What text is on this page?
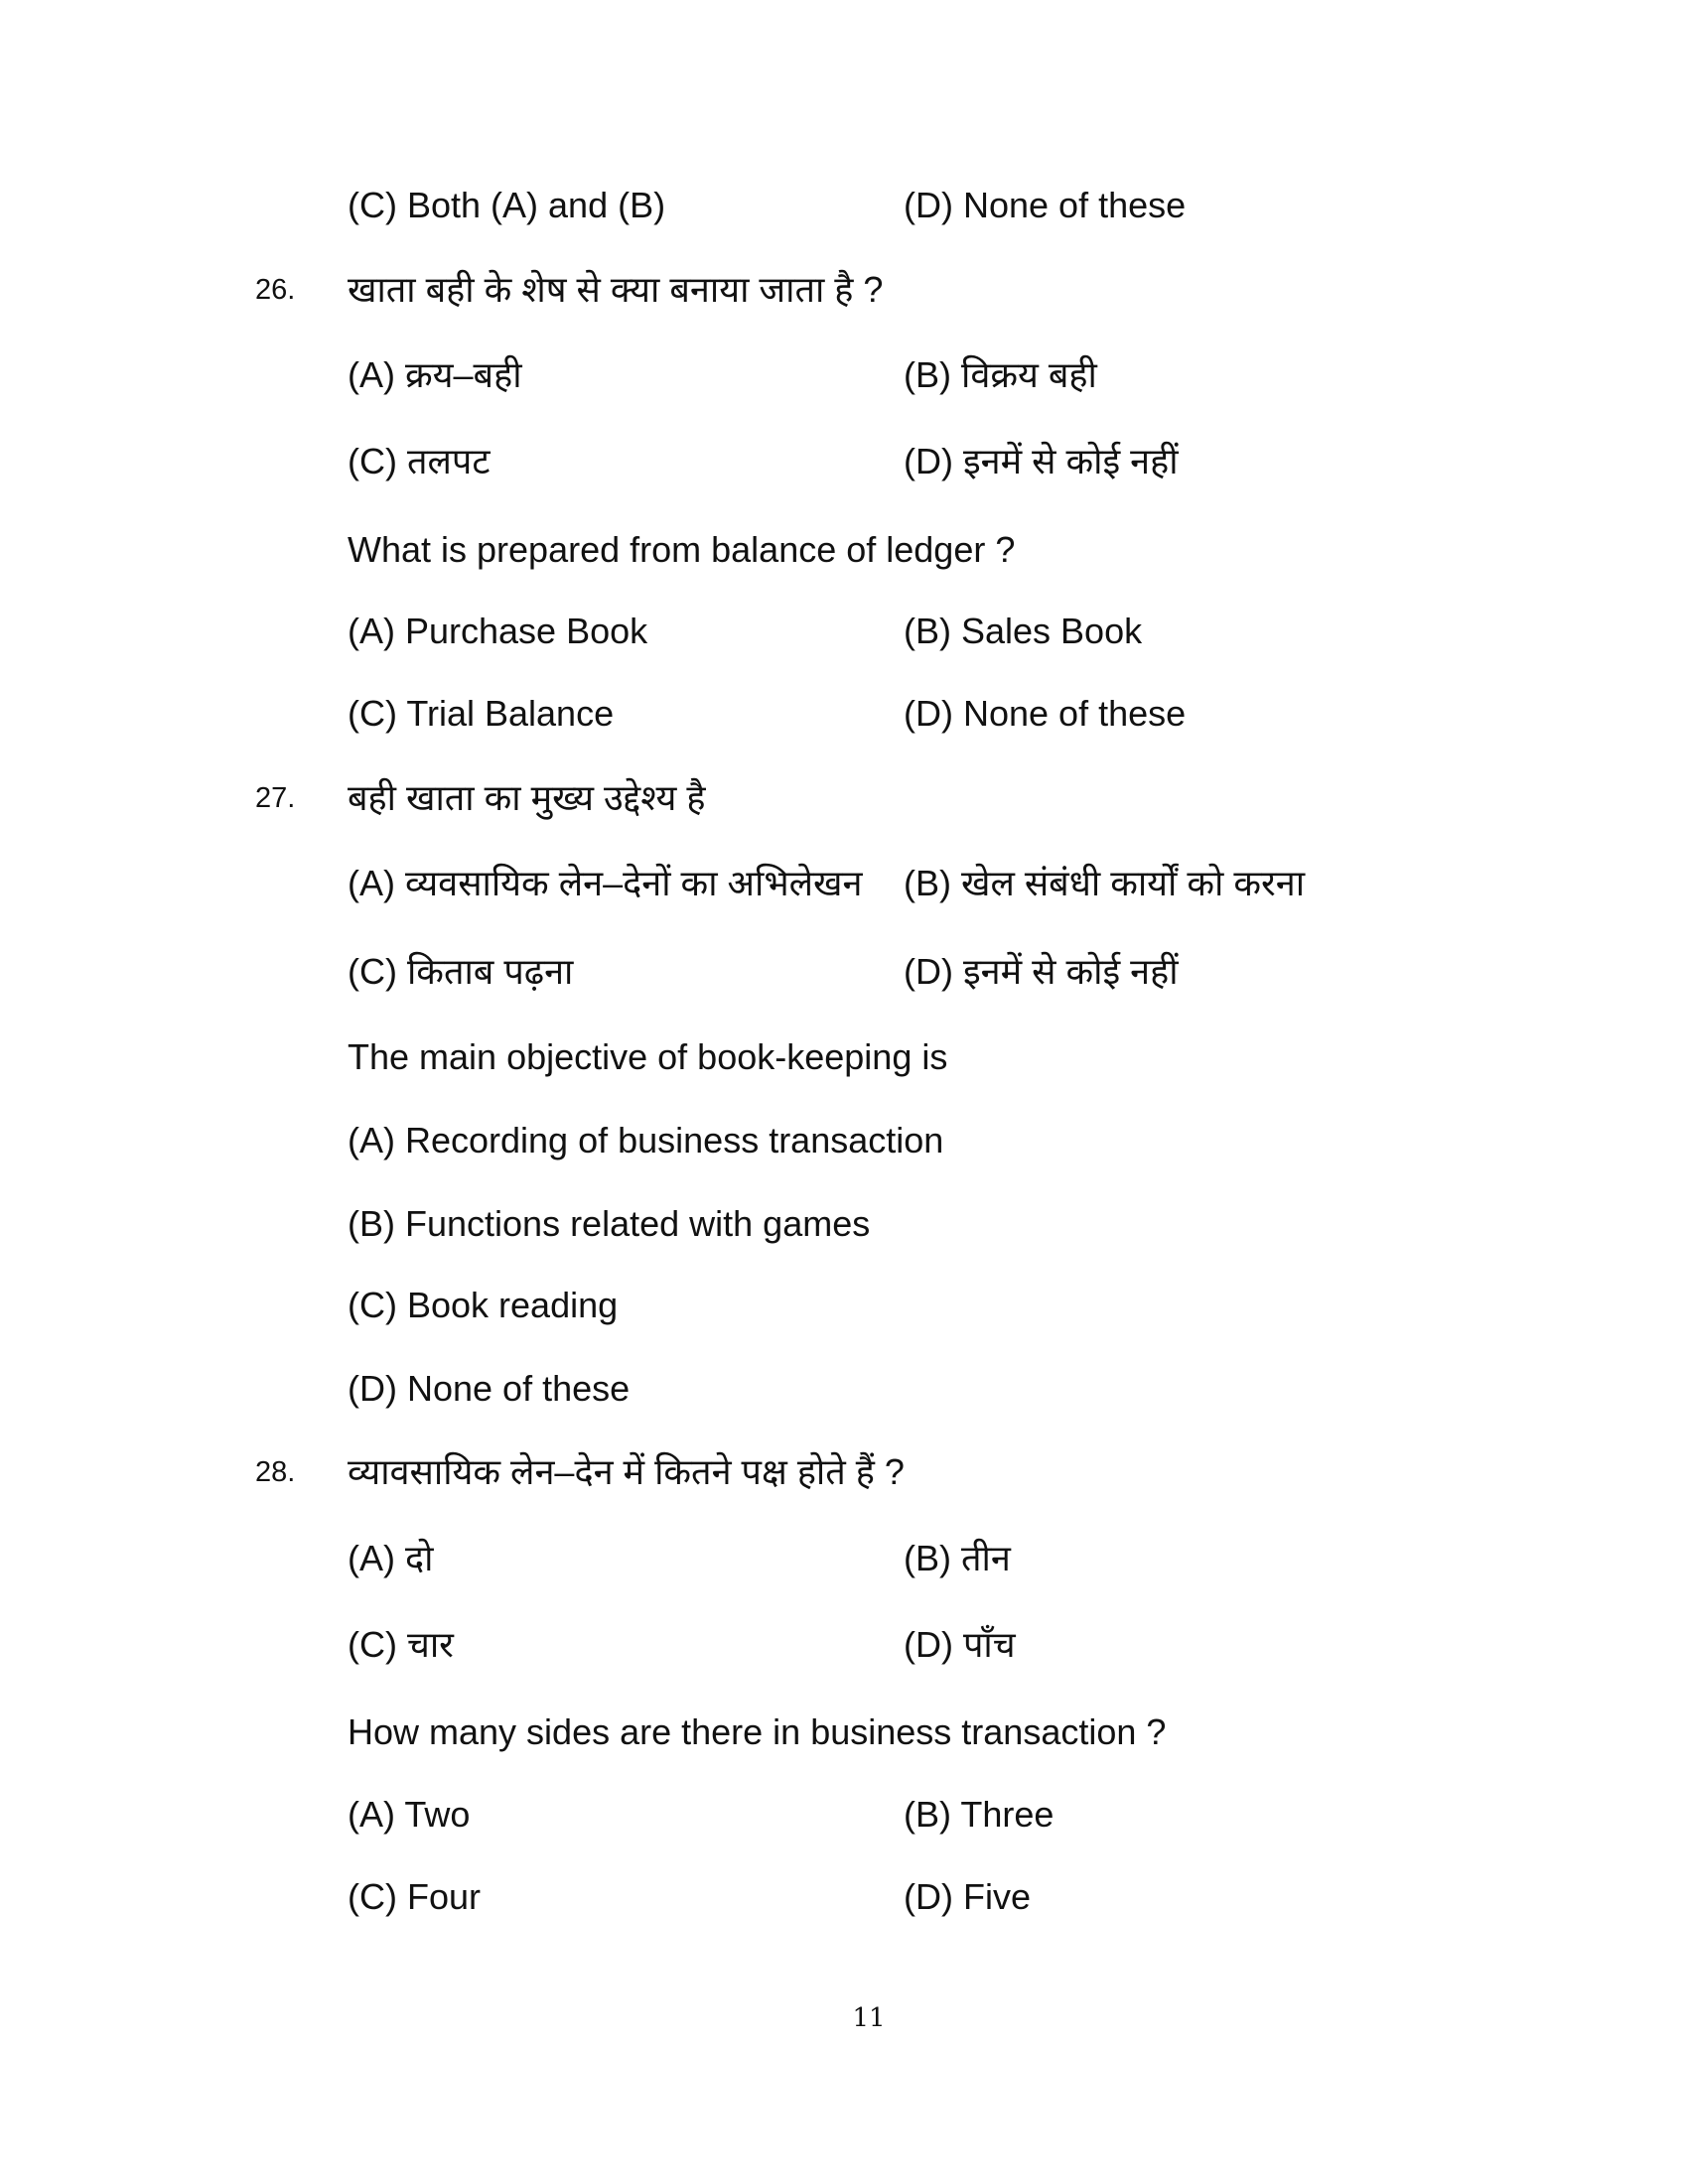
(C) Both (A) and (B)	(D) None of these
26. खाता बही के शेष से क्या बनाया जाता है ?
(A) क्रय–बही	(B) विक्रय बही
(C) तलपट	(D) इनमें से कोई नहीं
What is prepared from balance of ledger ?
(A) Purchase Book	(B) Sales Book
(C) Trial Balance	(D) None of these
27. बही खाता का मुख्य उद्देश्य है
(A) व्यवसायिक लेन–देनों का अभिलेखन (B) खेल संबंधी कार्यों को करना
(C) किताब पढ़ना	(D) इनमें से कोई नहीं
The main objective of book-keeping is
(A) Recording of business transaction
(B) Functions related with games
(C) Book reading
(D) None of these
28. व्यावसायिक लेन–देन में कितने पक्ष होते हैं ?
(A) दो	(B) तीन
(C) चार	(D) पाँच
How many sides are there in business transaction ?
(A) Two	(B) Three
(C) Four	(D) Five
11
